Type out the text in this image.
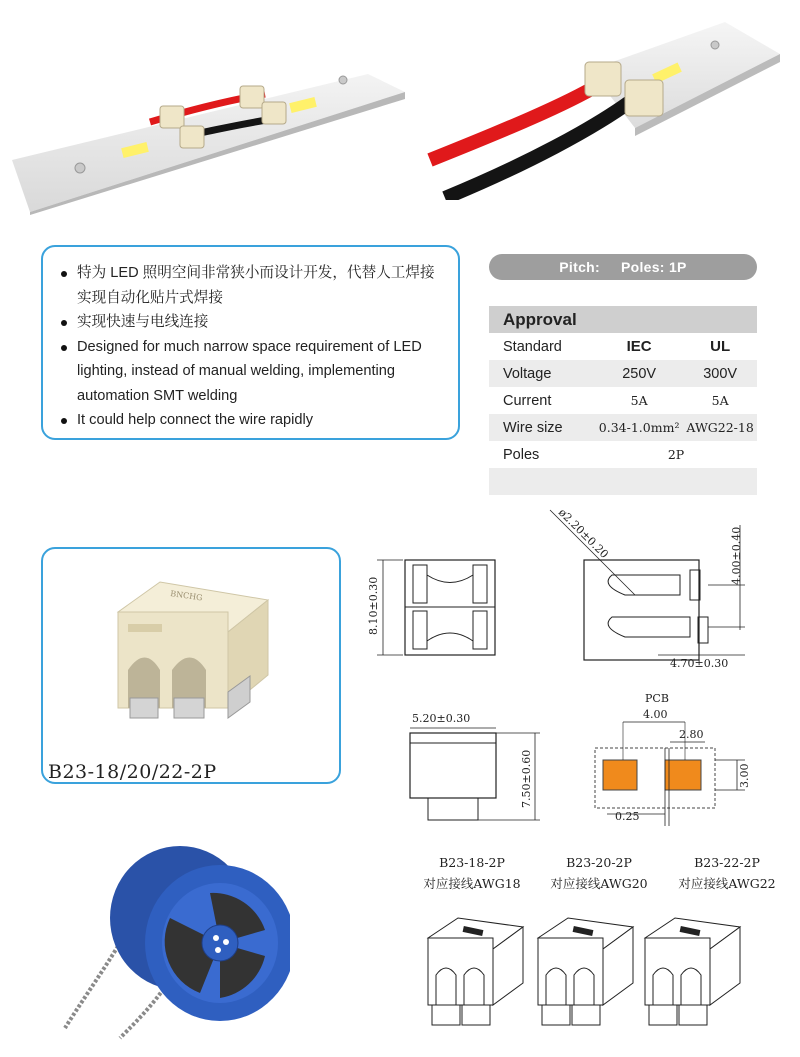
特为 LED 照明空间非常狭小而设计开发，代替人工焊接实现自动化贴片式焊接
实现快速与电线连接
Designed for much narrow space requirement of LED lighting, instead of manual welding, implementing automation SMT welding
It could help connect the wire rapidly
Pitch: Poles: 1P
Approval		
Standard	IEC	UL
Voltage	250V	300V
Current	5A	5A
Wire size	0.34-1.0mm²	AWG22-18
Poles	2P	

BNCHG
B23-18/20/22-2P
8.10±0.30
ø2.20±0.20	4.00±0.40
4.70±0.30
5.20±0.30
7.50±0.60
PCB
4.00
2.80
3.00
0.25
B23-18-2P
对应接线AWG18
B23-20-2P
对应接线AWG20
B23-22-2P
对应接线AWG22
